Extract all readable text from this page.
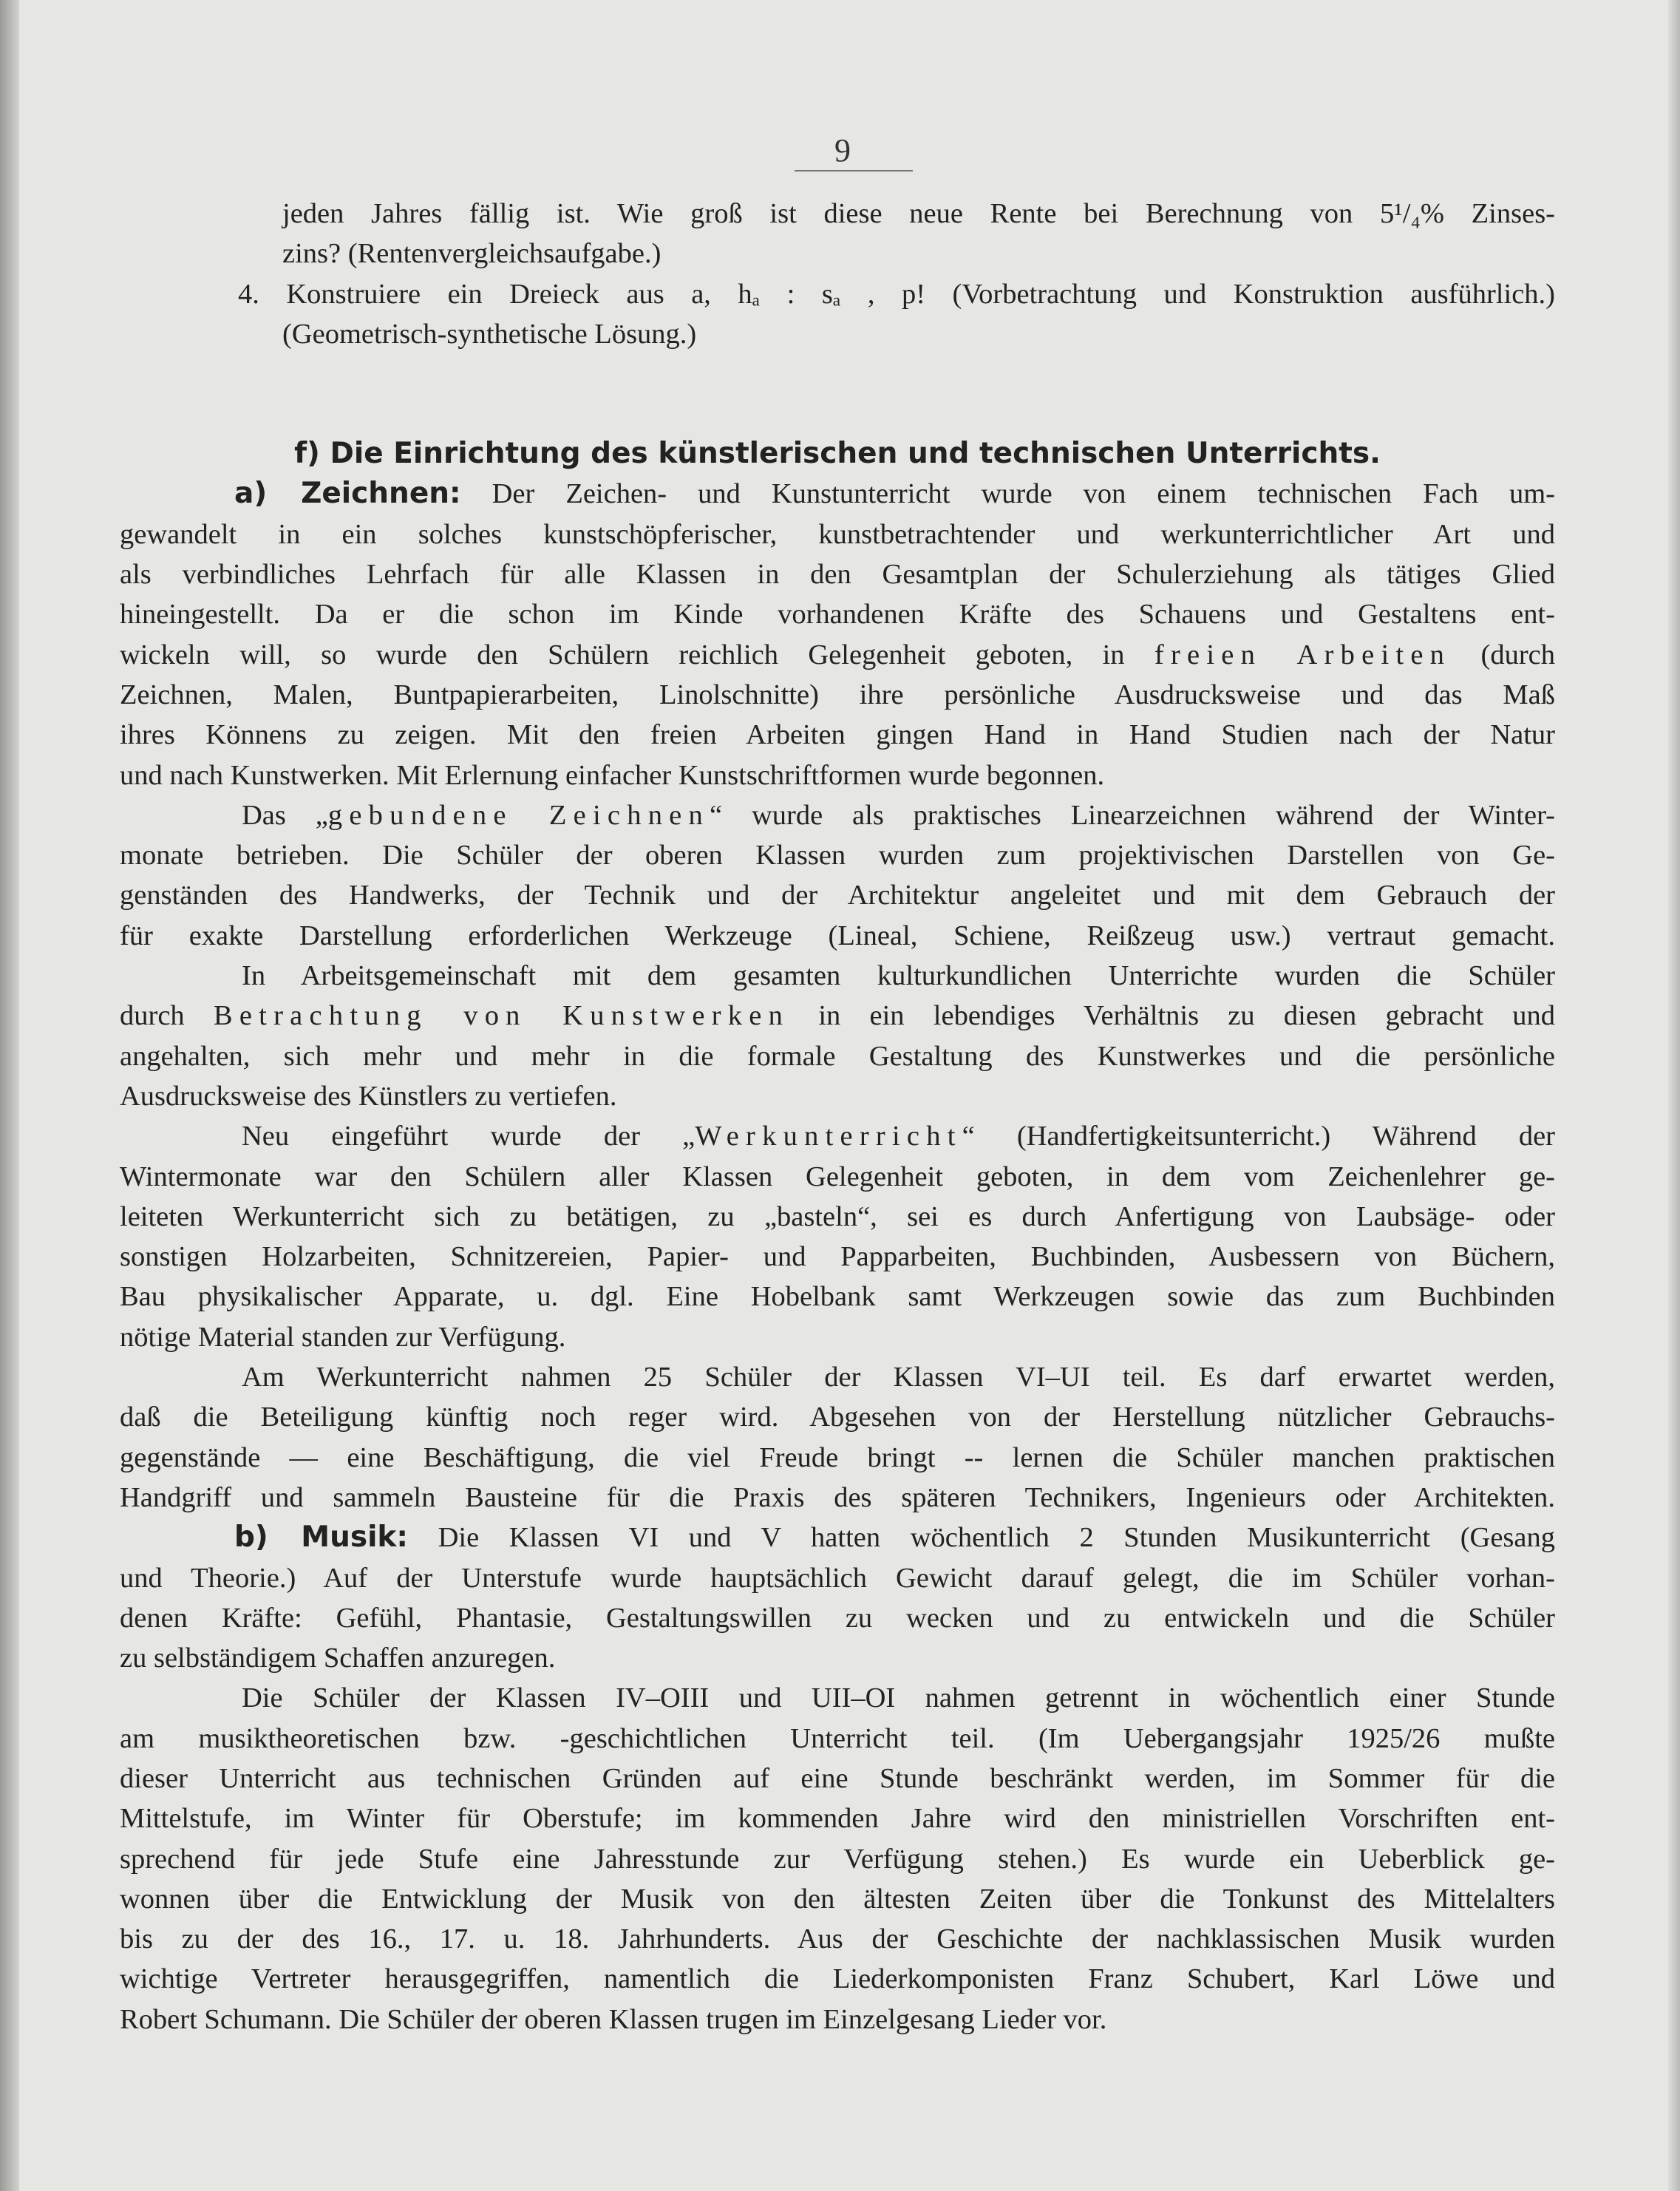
9
jeden Jahres fällig ist. Wie groß ist diese neue Rente bei Berechnung von 5¹/₄% Zinses-
zins? (Rentenvergleichsaufgabe.)
4. Konstruiere ein Dreieck aus a, hₐ : sₐ , p! (Vorbetrachtung und Konstruktion ausführlich.)
(Geometrisch-synthetische Lösung.)
f) Die Einrichtung des künstlerischen und technischen Unterrichts.
a) Zeichnen: Der Zeichen- und Kunstunterricht wurde von einem technischen Fach um-
gewandelt in ein solches kunstschöpferischer, kunstbetrachtender und werkunterrichtlicher Art und
als verbindliches Lehrfach für alle Klassen in den Gesamtplan der Schulerziehung als tätiges Glied
hineingestellt. Da er die schon im Kinde vorhandenen Kräfte des Schauens und Gestaltens ent-
wickeln will, so wurde den Schülern reichlich Gelegenheit geboten, in freien Arbeiten (durch
Zeichnen, Malen, Buntpapierarbeiten, Linolschnitte) ihre persönliche Ausdrucksweise und das Maß
ihres Könnens zu zeigen. Mit den freien Arbeiten gingen Hand in Hand Studien nach der Natur
und nach Kunstwerken. Mit Erlernung einfacher Kunstschriftformen wurde begonnen.
Das „gebundene Zeichnen“ wurde als praktisches Linearzeichnen während der Winter-
monate betrieben. Die Schüler der oberen Klassen wurden zum projektivischen Darstellen von Ge-
genständen des Handwerks, der Technik und der Architektur angeleitet und mit dem Gebrauch der
für exakte Darstellung erforderlichen Werkzeuge (Lineal, Schiene, Reißzeug usw.) vertraut gemacht.
In Arbeitsgemeinschaft mit dem gesamten kulturkundlichen Unterrichte wurden die Schüler
durch Betrachtung von Kunstwerken in ein lebendiges Verhältnis zu diesen gebracht und
angehalten, sich mehr und mehr in die formale Gestaltung des Kunstwerkes und die persönliche
Ausdrucksweise des Künstlers zu vertiefen.
Neu eingeführt wurde der „Werkunterricht“ (Handfertigkeitsunterricht.) Während der
Wintermonate war den Schülern aller Klassen Gelegenheit geboten, in dem vom Zeichenlehrer ge-
leiteten Werkunterricht sich zu betätigen, zu „basteln“, sei es durch Anfertigung von Laubsäge- oder
sonstigen Holzarbeiten, Schnitzereien, Papier- und Papparbeiten, Buchbinden, Ausbessern von Büchern,
Bau physikalischer Apparate, u. dgl. Eine Hobelbank samt Werkzeugen sowie das zum Buchbinden
nötige Material standen zur Verfügung.
Am Werkunterricht nahmen 25 Schüler der Klassen VI–UI teil. Es darf erwartet werden,
daß die Beteiligung künftig noch reger wird. Abgesehen von der Herstellung nützlicher Gebrauchs-
gegenstände — eine Beschäftigung, die viel Freude bringt -- lernen die Schüler manchen praktischen
Handgriff und sammeln Bausteine für die Praxis des späteren Technikers, Ingenieurs oder Architekten.
b) Musik: Die Klassen VI und V hatten wöchentlich 2 Stunden Musikunterricht (Gesang
und Theorie.) Auf der Unterstufe wurde hauptsächlich Gewicht darauf gelegt, die im Schüler vorhan-
denen Kräfte: Gefühl, Phantasie, Gestaltungswillen zu wecken und zu entwickeln und die Schüler
zu selbständigem Schaffen anzuregen.
Die Schüler der Klassen IV–OIII und UII–OI nahmen getrennt in wöchentlich einer Stunde
am musiktheoretischen bzw. -geschichtlichen Unterricht teil. (Im Uebergangsjahr 1925/26 mußte
dieser Unterricht aus technischen Gründen auf eine Stunde beschränkt werden, im Sommer für die
Mittelstufe, im Winter für Oberstufe; im kommenden Jahre wird den ministriellen Vorschriften ent-
sprechend für jede Stufe eine Jahresstunde zur Verfügung stehen.) Es wurde ein Ueberblick ge-
wonnen über die Entwicklung der Musik von den ältesten Zeiten über die Tonkunst des Mittelalters
bis zu der des 16., 17. u. 18. Jahrhunderts. Aus der Geschichte der nachklassischen Musik wurden
wichtige Vertreter herausgegriffen, namentlich die Liederkomponisten Franz Schubert, Karl Löwe und
Robert Schumann. Die Schüler der oberen Klassen trugen im Einzelgesang Lieder vor.
